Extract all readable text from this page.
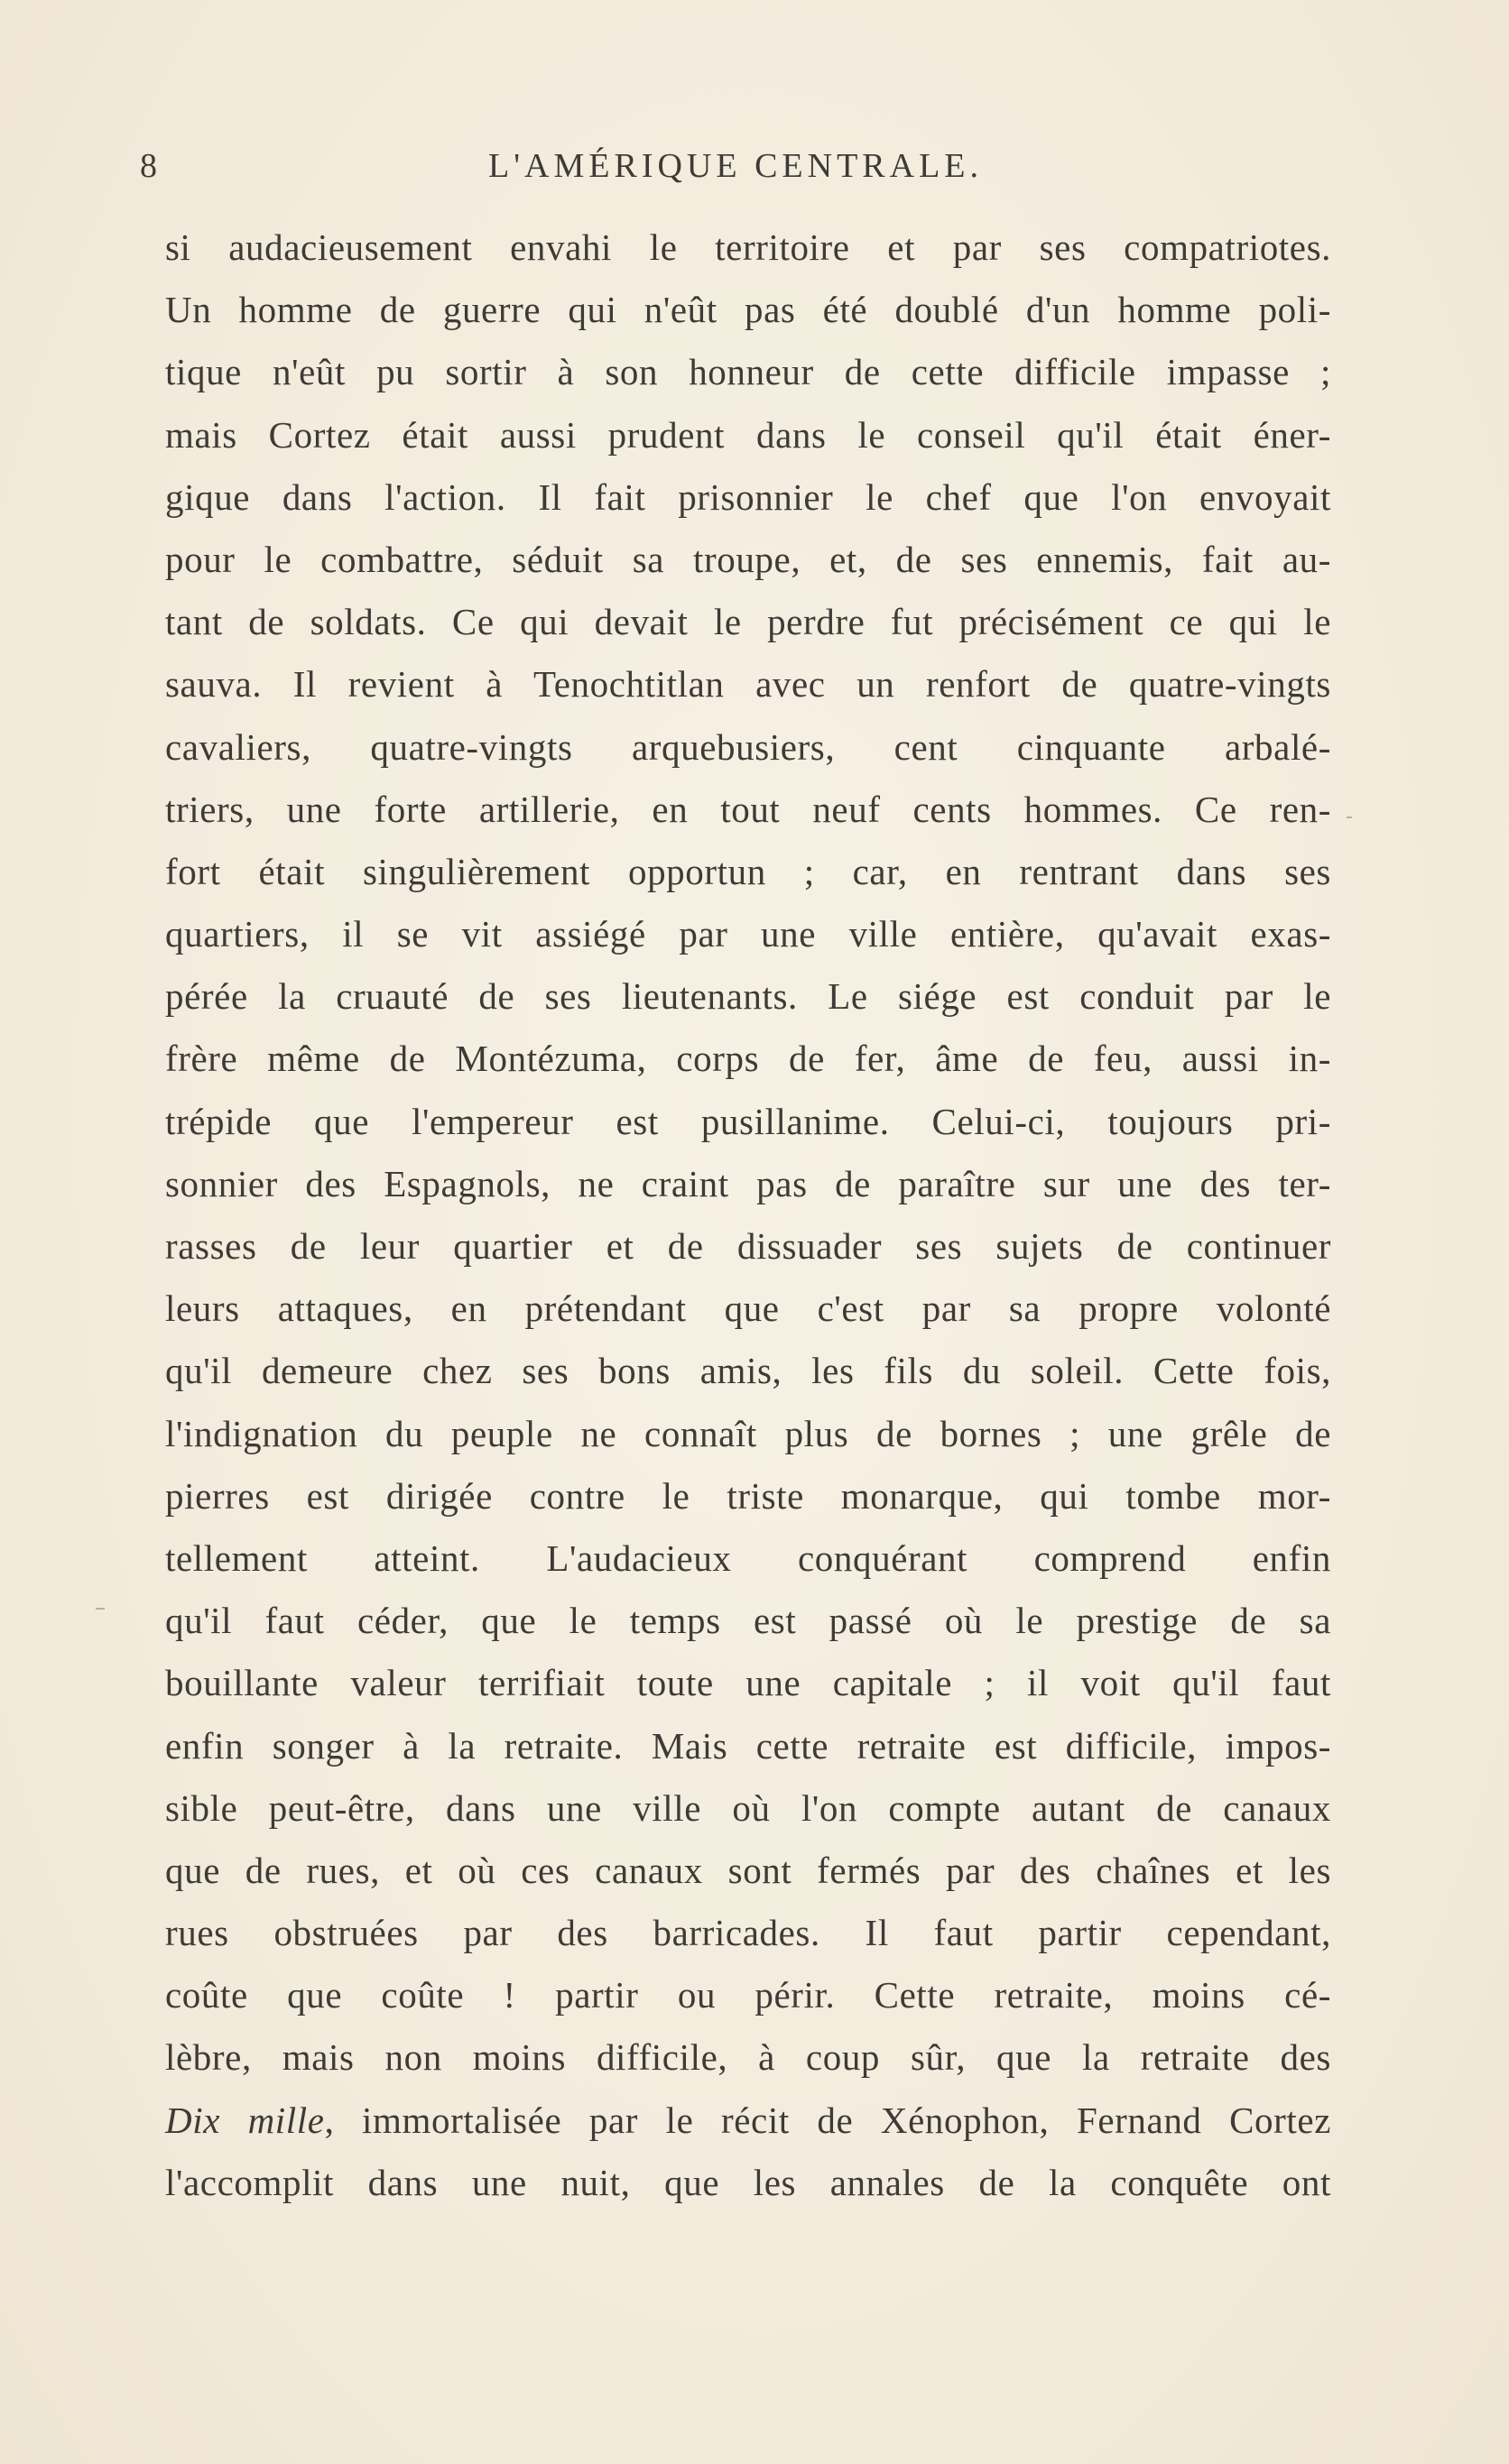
8	L'AMÉRIQUE CENTRALE.
si audacieusement envahi le territoire et par ses compatriotes.
Un homme de guerre qui n'eût pas été doublé d'un homme poli-
tique n'eût pu sortir à son honneur de cette difficile impasse ;
mais Cortez était aussi prudent dans le conseil qu'il était éner-
gique dans l'action. Il fait prisonnier le chef que l'on envoyait
pour le combattre, séduit sa troupe, et, de ses ennemis, fait au-
tant de soldats. Ce qui devait le perdre fut précisément ce qui le
sauva. Il revient à Tenochtitlan avec un renfort de quatre-vingts
cavaliers, quatre-vingts arquebusiers, cent cinquante arbalé-
triers, une forte artillerie, en tout neuf cents hommes. Ce ren-
fort était singulièrement opportun ; car, en rentrant dans ses
quartiers, il se vit assiégé par une ville entière, qu'avait exas-
pérée la cruauté de ses lieutenants. Le siége est conduit par le
frère même de Montézuma, corps de fer, âme de feu, aussi in-
trépide que l'empereur est pusillanime. Celui-ci, toujours pri-
sonnier des Espagnols, ne craint pas de paraître sur une des ter-
rasses de leur quartier et de dissuader ses sujets de continuer
leurs attaques, en prétendant que c'est par sa propre volonté
qu'il demeure chez ses bons amis, les fils du soleil. Cette fois,
l'indignation du peuple ne connaît plus de bornes ; une grêle de
pierres est dirigée contre le triste monarque, qui tombe mor-
tellement atteint. L'audacieux conquérant comprend enfin
qu'il faut céder, que le temps est passé où le prestige de sa
bouillante valeur terrifiait toute une capitale ; il voit qu'il faut
enfin songer à la retraite. Mais cette retraite est difficile, impos-
sible peut-être, dans une ville où l'on compte autant de canaux
que de rues, et où ces canaux sont fermés par des chaînes et les
rues obstruées par des barricades. Il faut partir cependant,
coûte que coûte ! partir ou périr. Cette retraite, moins cé-
lèbre, mais non moins difficile, à coup sûr, que la retraite des
Dix mille, immortalisée par le récit de Xénophon, Fernand Cortez
l'accomplit dans une nuit, que les annales de la conquête ont
